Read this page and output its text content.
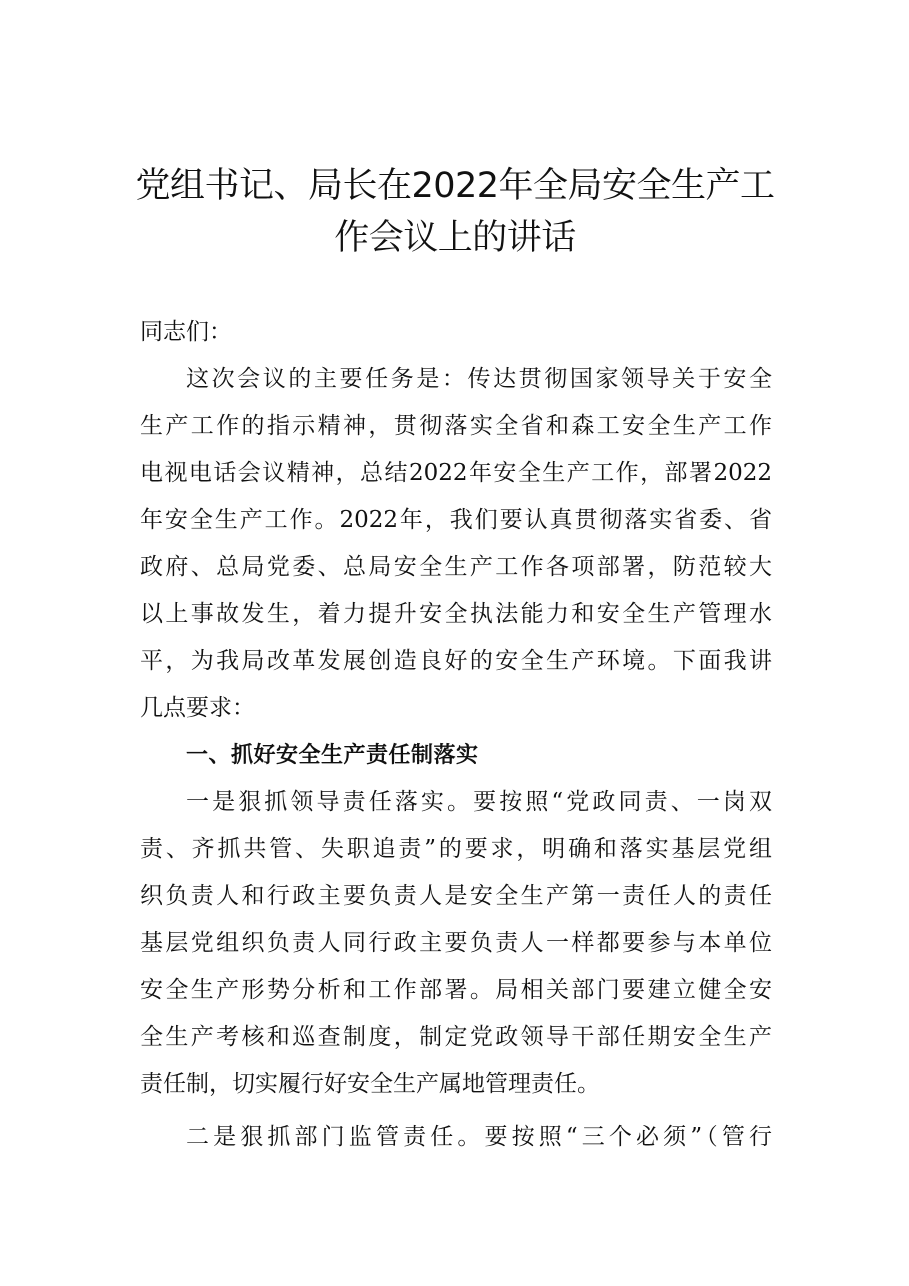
党组书记、局长在2022年全局安全生产工
作会议上的讲话
同志们：
这次会议的主要任务是：传达贯彻国家领导关于安全
生产工作的指示精神，贯彻落实全省和森工安全生产工作
电视电话会议精神，总结2022年安全生产工作，部署2022
年安全生产工作。2022年，我们要认真贯彻落实省委、省
政府、总局党委、总局安全生产工作各项部署，防范较大
以上事故发生，着力提升安全执法能力和安全生产管理水
平，为我局改革发展创造良好的安全生产环境。下面我讲
几点要求：
一、抓好安全生产责任制落实
一是狠抓领导责任落实。要按照“党政同责、一岗双
责、齐抓共管、失职追责”的要求，明确和落实基层党组
织负责人和行政主要负责人是安全生产第一责任人的责任
基层党组织负责人同行政主要负责人一样都要参与本单位
安全生产形势分析和工作部署。局相关部门要建立健全安
全生产考核和巡查制度，制定党政领导干部任期安全生产
责任制，切实履行好安全生产属地管理责任。
二是狠抓部门监管责任。要按照“三个必须”（管行
